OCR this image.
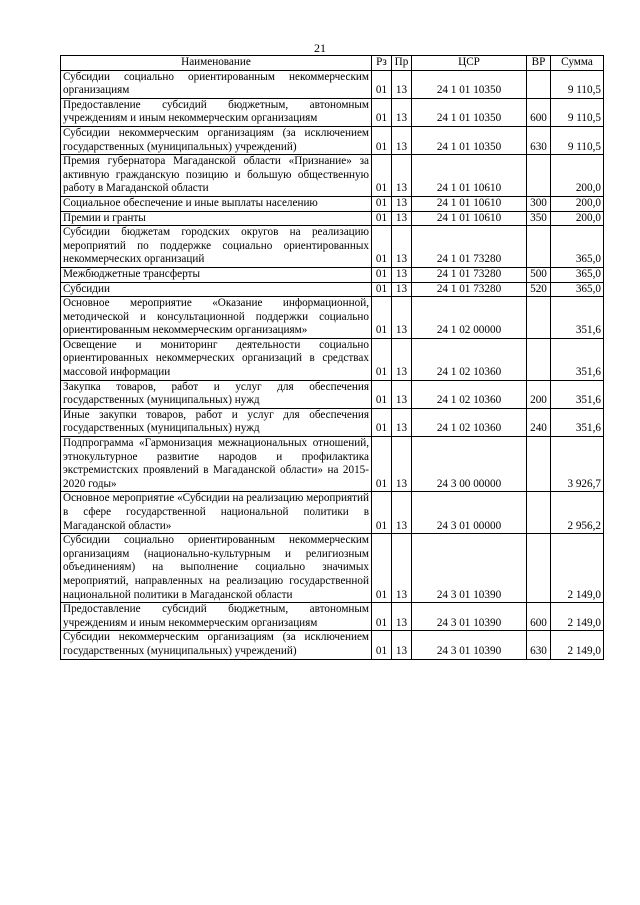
21
Наименование	Рз	Пр	ЦСР	ВР	Сумма
Субсидии социально ориентированным некоммерческим организациям	01	13	24 1 01 10350		9 110,5
Предоставление субсидий бюджетным, автономным учреждениям и иным некоммерческим организациям	01	13	24 1 01 10350	600	9 110,5
Субсидии некоммерческим организациям (за исключением государственных (муниципальных) учреждений)	01	13	24 1 01 10350	630	9 110,5
Премия губернатора Магаданской области «Признание» за активную гражданскую позицию и большую общественную работу в Магаданской области	01	13	24 1 01 10610		200,0
Социальное обеспечение и иные выплаты населению	01	13	24 1 01 10610	300	200,0
Премии и гранты	01	13	24 1 01 10610	350	200,0
Субсидии бюджетам городских округов на реализацию мероприятий по поддержке социально ориентированных некоммерческих организаций	01	13	24 1 01 73280		365,0
Межбюджетные трансферты	01	13	24 1 01 73280	500	365,0
Субсидии	01	13	24 1 01 73280	520	365,0
Основное мероприятие «Оказание информационной, методической и консультационной поддержки социально ориентированным некоммерческим организациям»	01	13	24 1 02 00000		351,6
Освещение и мониторинг деятельности социально ориентированных некоммерческих организаций в средствах массовой информации	01	13	24 1 02 10360		351,6
Закупка товаров, работ и услуг для обеспечения государственных (муниципальных) нужд	01	13	24 1 02 10360	200	351,6
Иные закупки товаров, работ и услуг для обеспечения государственных (муниципальных) нужд	01	13	24 1 02 10360	240	351,6
Подпрограмма «Гармонизация межнациональных отношений, этнокультурное развитие народов и профилактика экстремистских проявлений в Магаданской области» на 2015-2020 годы»	01	13	24 3 00 00000		3 926,7
Основное мероприятие «Субсидии на реализацию мероприятий в сфере государственной национальной политики в Магаданской области»	01	13	24 3 01 00000		2 956,2
Субсидии социально ориентированным некоммерческим организациям (национально-культурным и религиозным объединениям) на выполнение социально значимых мероприятий, направленных на реализацию государственной национальной политики в Магаданской области	01	13	24 3 01 10390		2 149,0
Предоставление субсидий бюджетным, автономным учреждениям и иным некоммерческим организациям	01	13	24 3 01 10390	600	2 149,0
Субсидии некоммерческим организациям (за исключением государственных (муниципальных) учреждений)	01	13	24 3 01 10390	630	2 149,0
